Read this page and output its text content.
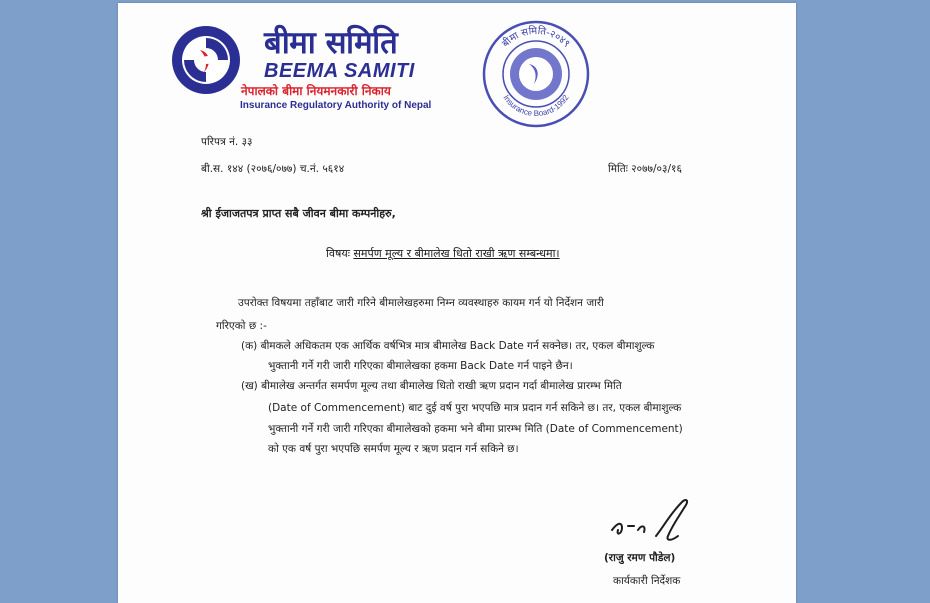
बीमा समिति
BEEMA SAMITI
नेपालको बीमा नियमनकारी निकाय
Insurance Regulatory Authority of Nepal
बीमा समिति-२०४९
Insurance Board-1992
परिपत्र नं. ३३
बी.स. १४४ (२०७६/०७७) च.नं. ५६१४	मितिः २०७७/०३/१६
श्री ईजाजतपत्र प्राप्त सबै जीवन बीमा कम्पनीहरु,
विषयः समर्पण मूल्य र बीमालेख धितो राखी ऋण सम्बन्धमा।
उपरोक्त विषयमा तहाँबाट जारी गरिने बीमालेखहरुमा निम्न व्यवस्थाहरु कायम गर्न यो निर्देशन जारी
गरिएको छ :-
(क) बीमकले अधिकतम एक आर्थिक वर्षभित्र मात्र बीमालेख Back Date गर्न सक्नेछ। तर, एकल बीमाशुल्क
भुक्तानी गर्ने गरी जारी गरिएका बीमालेखका हकमा Back Date गर्न पाइने छैन।
(ख) बीमालेख अन्तर्गत समर्पण मूल्य तथा बीमालेख धितो राखी ऋण प्रदान गर्दा बीमालेख प्रारम्भ मिति
(Date of Commencement) बाट दुई वर्ष पुरा भएपछि मात्र प्रदान गर्न सकिने छ। तर, एकल बीमाशुल्क
भुक्तानी गर्ने गरी जारी गरिएका बीमालेखको हकमा भने बीमा प्रारम्भ मिति (Date of Commencement)
को एक वर्ष पुरा भएपछि समर्पण मूल्य र ऋण प्रदान गर्न सकिने छ।
(राजु रमण पौडेल)
कार्यकारी निर्देशक
